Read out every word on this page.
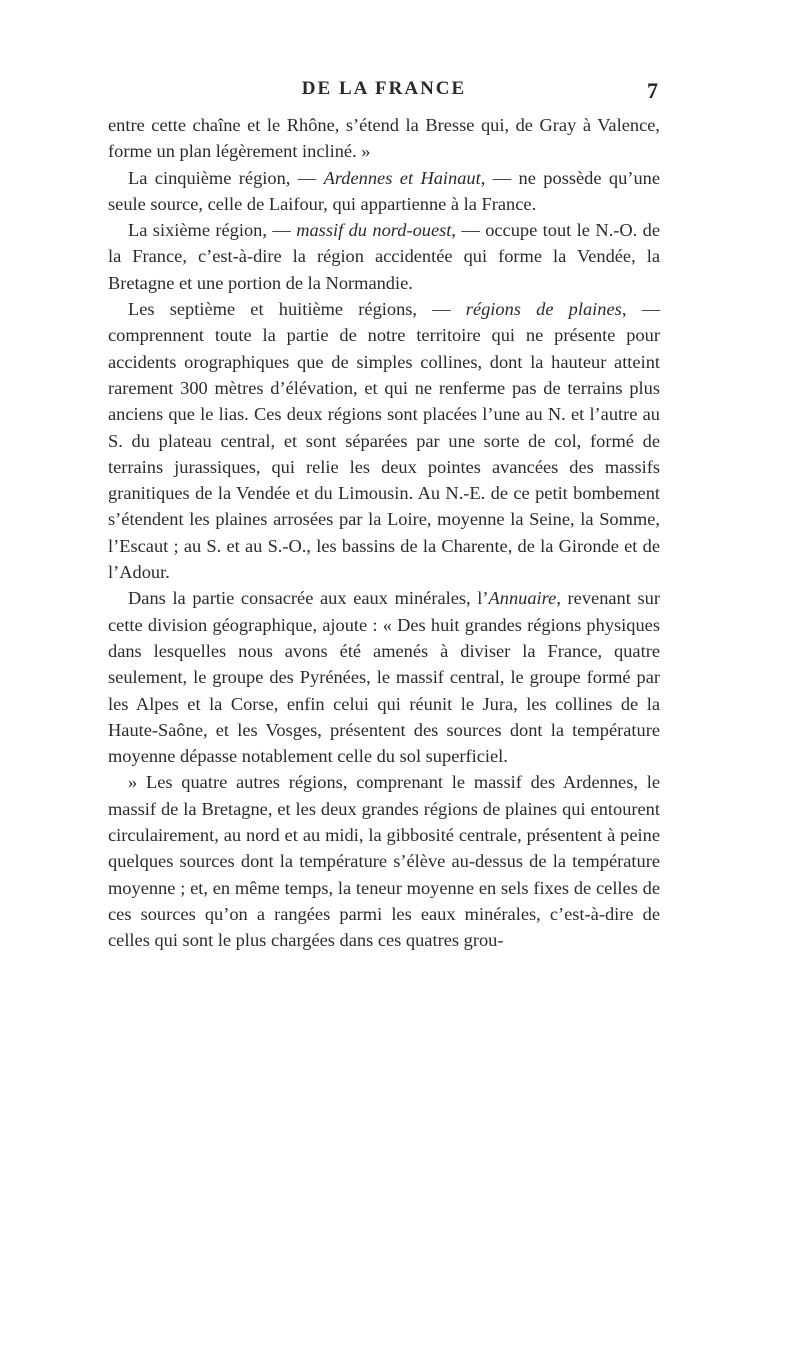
DE LA FRANCE	7

entre cette chaîne et le Rhône, s’étend la Bresse qui, de Gray à Valence, forme un plan légèrement incliné. »

La cinquième région, — Ardennes et Hainaut, — ne possède qu’une seule source, celle de Laifour, qui appartienne à la France.

La sixième région, — massif du nord-ouest, — occupe tout le N.-O. de la France, c’est-à-dire la région accidentée qui forme la Vendée, la Bretagne et une portion de la Normandie.

Les septième et huitième régions, — régions de plaines, — comprennent toute la partie de notre territoire qui ne présente pour accidents orographiques que de simples collines, dont la hauteur atteint rarement 300 mètres d’élévation, et qui ne renferme pas de terrains plus anciens que le lias. Ces deux régions sont placées l’une au N. et l’autre au S. du plateau central, et sont séparées par une sorte de col, formé de terrains jurassiques, qui relie les deux pointes avancées des massifs granitiques de la Vendée et du Limousin. Au N.-E. de ce petit bombement s’étendent les plaines arrosées par la Loire, moyenne la Seine, la Somme, l’Escaut ; au S. et au S.-O., les bassins de la Charente, de la Gironde et de l’Adour.

Dans la partie consacrée aux eaux minérales, l’Annuaire, revenant sur cette division géographique, ajoute : « Des huit grandes régions physiques dans lesquelles nous avons été amenés à diviser la France, quatre seulement, le groupe des Pyrénées, le massif central, le groupe formé par les Alpes et la Corse, enfin celui qui réunit le Jura, les collines de la Haute-Saône, et les Vosges, présentent des sources dont la température moyenne dépasse notablement celle du sol superficiel.

» Les quatre autres régions, comprenant le massif des Ardennes, le massif de la Bretagne, et les deux grandes régions de plaines qui entourent circulairement, au nord et au midi, la gibbosité centrale, présentent à peine quelques sources dont la température s’élève au-dessus de la température moyenne ; et, en même temps, la teneur moyenne en sels fixes de celles de ces sources qu’on a rangées parmi les eaux minérales, c’est-à-dire de celles qui sont le plus chargées dans ces quatres grou-
